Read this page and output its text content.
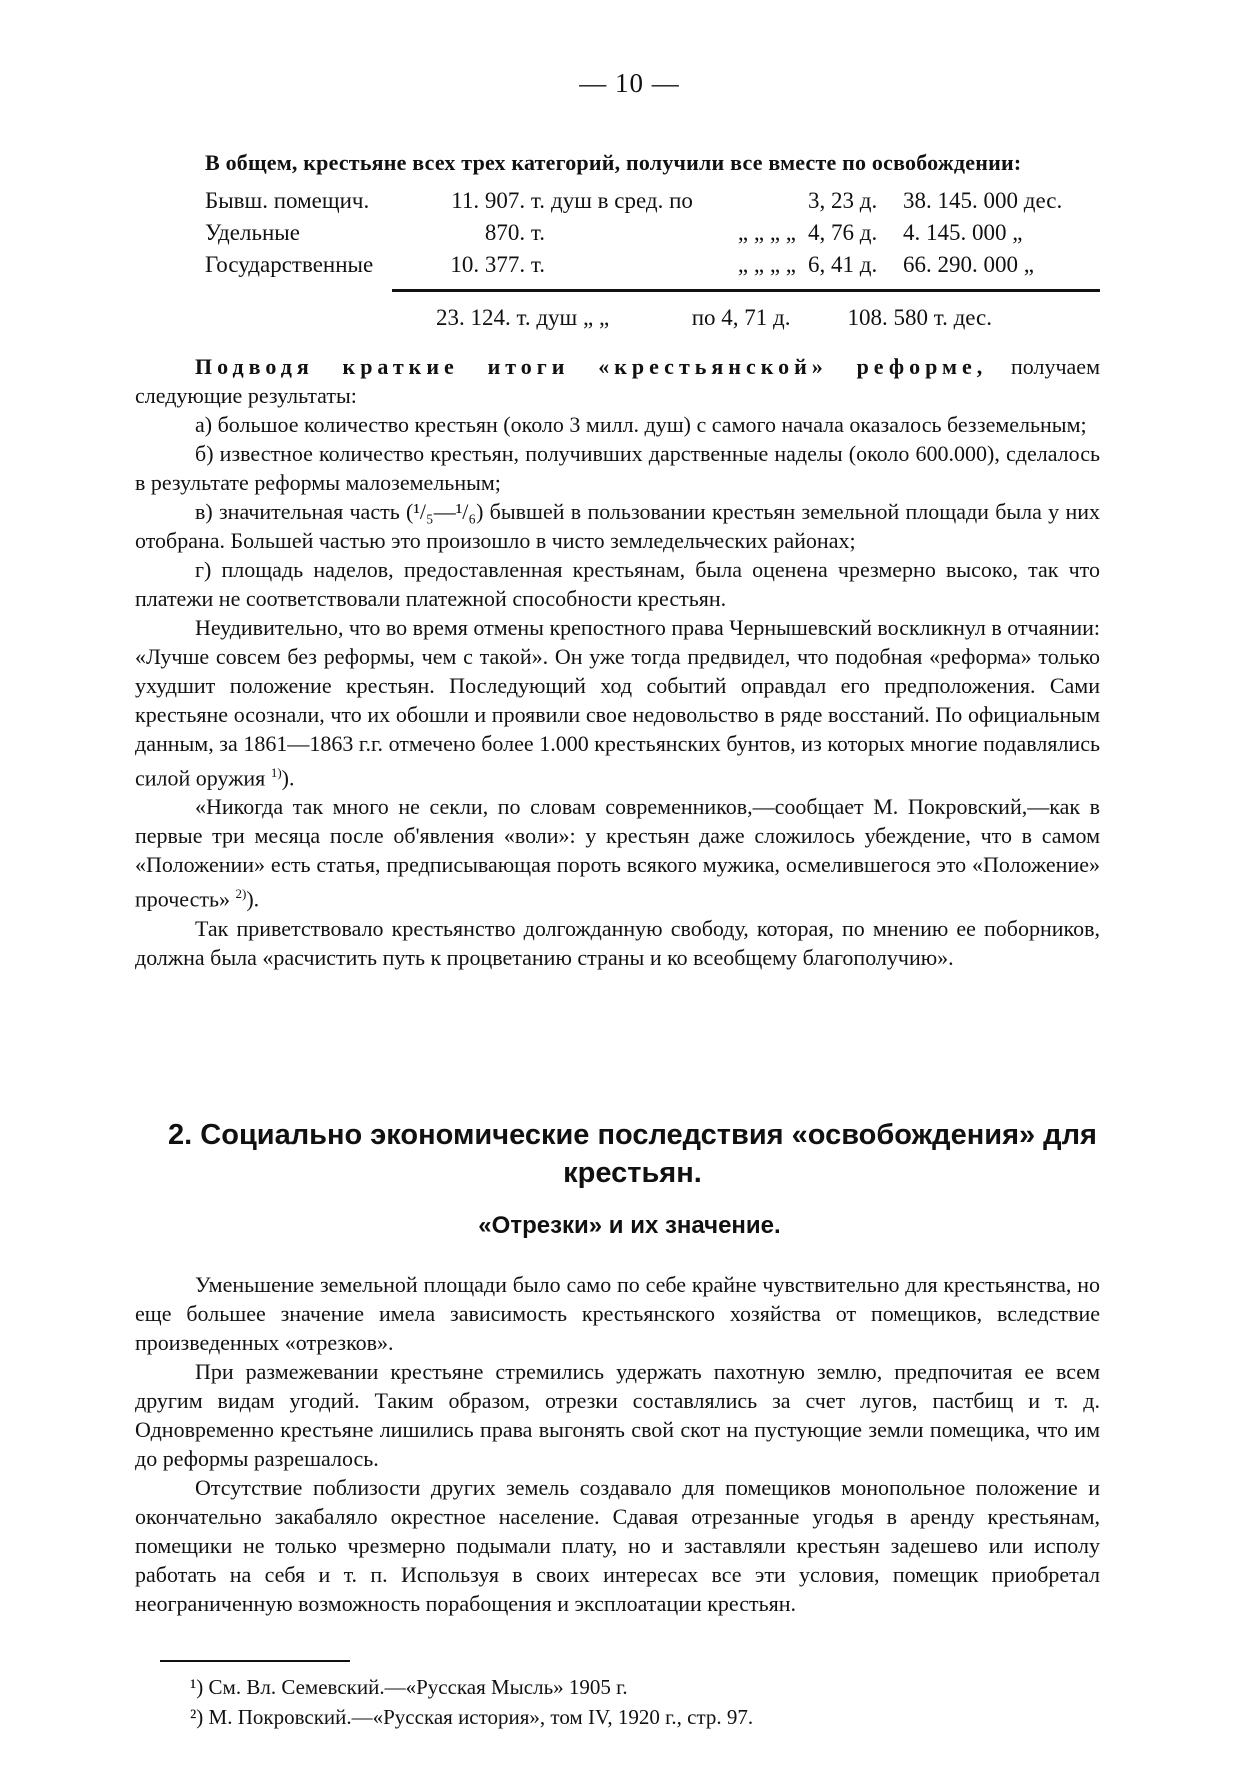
— 10 —
В общем, крестьяне всех трех категорий, получили все вместе по освобождении:
Бывш. помещич.	11. 907. т.	душ в сред. по	3, 23 д.	38. 145. 000 дес.
Удельные	870. т.	„ „ „ „	4, 76 д.	4. 145. 000 „
Государственные	10. 377. т.	„ „ „ „	6, 41 д.	66. 290. 000 „
23. 124. т. душ „ „	по 4, 71 д. 108. 580 т. дес.

Подводя краткие итоги «крестьянской» реформе, получаем следующие результаты:

а) большое количество крестьян (около 3 милл. душ) с самого начала оказалось безземельным;

б) известное количество крестьян, получивших дарственные наделы (около 600.000), сделалось в результате реформы малоземельным;

в) значительная часть (¹/₅—¹/₆) бывшей в пользовании крестьян земельной площади была у них отобрана. Большей частью это произошло в чисто земледельческих районах;

г) площадь наделов, предоставленная крестьянам, была оценена чрезмерно высоко, так что платежи не соответствовали платежной способности крестьян.

Неудивительно, что во время отмены крепостного права Чернышевский воскликнул в отчаянии: «Лучше совсем без реформы, чем с такой». Он уже тогда предвидел, что подобная «реформа» только ухудшит положение крестьян. Последующий ход событий оправдал его предположения. Сами крестьяне осознали, что их обошли и проявили свое недовольство в ряде восстаний. По официальным данным, за 1861—1863 г.г. отмечено более 1.000 крестьянских бунтов, из которых многие подавлялись силой оружия $^{1)}$).

«Никогда так много не секли, по словам современников,—сообщает М. Покровский,—как в первые три месяца после об'явления «воли»: у крестьян даже сложилось убеждение, что в самом «Положении» есть статья, предписывающая пороть всякого мужика, осмелившегося это «Положение» прочесть» $^{2)}$).

Так приветствовало крестьянство долгожданную свободу, которая, по мнению ее поборников, должна была «расчистить путь к процветанию страны и ко всеобщему благополучию».

2. Социально экономические последствия «освобождения» для крестьян.
«Отрезки» и их значение.

Уменьшение земельной площади было само по себе крайне чувствительно для крестьянства, но еще большее значение имела зависимость крестьянского хозяйства от помещиков, вследствие произведенных «отрезков».

При размежевании крестьяне стремились удержать пахотную землю, предпочитая ее всем другим видам угодий. Таким образом, отрезки составлялись за счет лугов, пастбищ и т. д. Одновременно крестьяне лишились права выгонять свой скот на пустующие земли помещика, что им до реформы разрешалось.

Отсутствие поблизости других земель создавало для помещиков монопольное положение и окончательно закабаляло окрестное население. Сдавая отрезанные угодья в аренду крестьянам, помещики не только чрезмерно подымали плату, но и заставляли крестьян задешево или исполу работать на себя и т. п. Используя в своих интересах все эти условия, помещик приобретал неограниченную возможность порабощения и эксплоатации крестьян.

¹) См. Вл. Семевский.—«Русская Мысль» 1905 г.
²) М. Покровский.—«Русская история», том IV, 1920 г., стр. 97.
